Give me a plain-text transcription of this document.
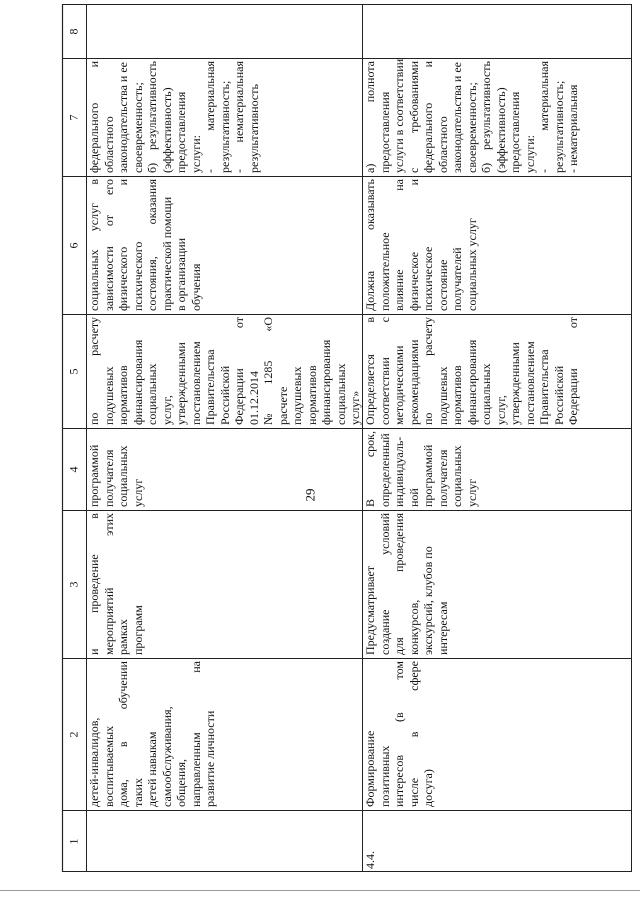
29
1
2
3
4
5
6
7
8
детей-инвалидов, воспитываемых дома,
в
обучении
таких детей навыкам самообслуживания, общения, направленным
на
развитие личности
и
проведение
в
мероприятий
этих
рамках программ
программой получателя социальных услуг
по
расчету
подушевых нормативов финансирования социальных услуг, утвержденными постановлением Правительства Российской Федерации
от
01.12.2014 №
1285
«О
расчете подушевых нормативов финансирования социальных услуг»
социальных
услуг
в
зависимости
от
его
физического
и
психического состояния,
оказания практической помощи в организации обучения
федерального
и
областного законодательства и ее своевременность; б)
результативность (эффективность) предоставления услуги: -
материальная результативность; -
нематериальная результативность
4.4.
Формирование позитивных интересов
(в
том
числе
в
сфере
досуга)
Предусматривает создание
условий
для
проведения
конкурсов, экскурсий, клубов по интересам
В
срок, определенный индивидуаль- ной программой получателя социальных услуг
Определяется
в
соответствии
с
методическими рекомендациями по
расчету
подушевых нормативов финансирования социальных услуг, утвержденными постановлением Правительства Российской Федерации
от
Должна
оказывать
положительное влияние
на
физическое
и
психическое состояние получателей социальных услуг
а)
полнота
предоставления услуги в соответствии с
требованиями
федерального
и
областного законодательства и ее своевременность; б)
результативность (эффективность) предоставления услуги: -
материальная результативность; - нематериальная
